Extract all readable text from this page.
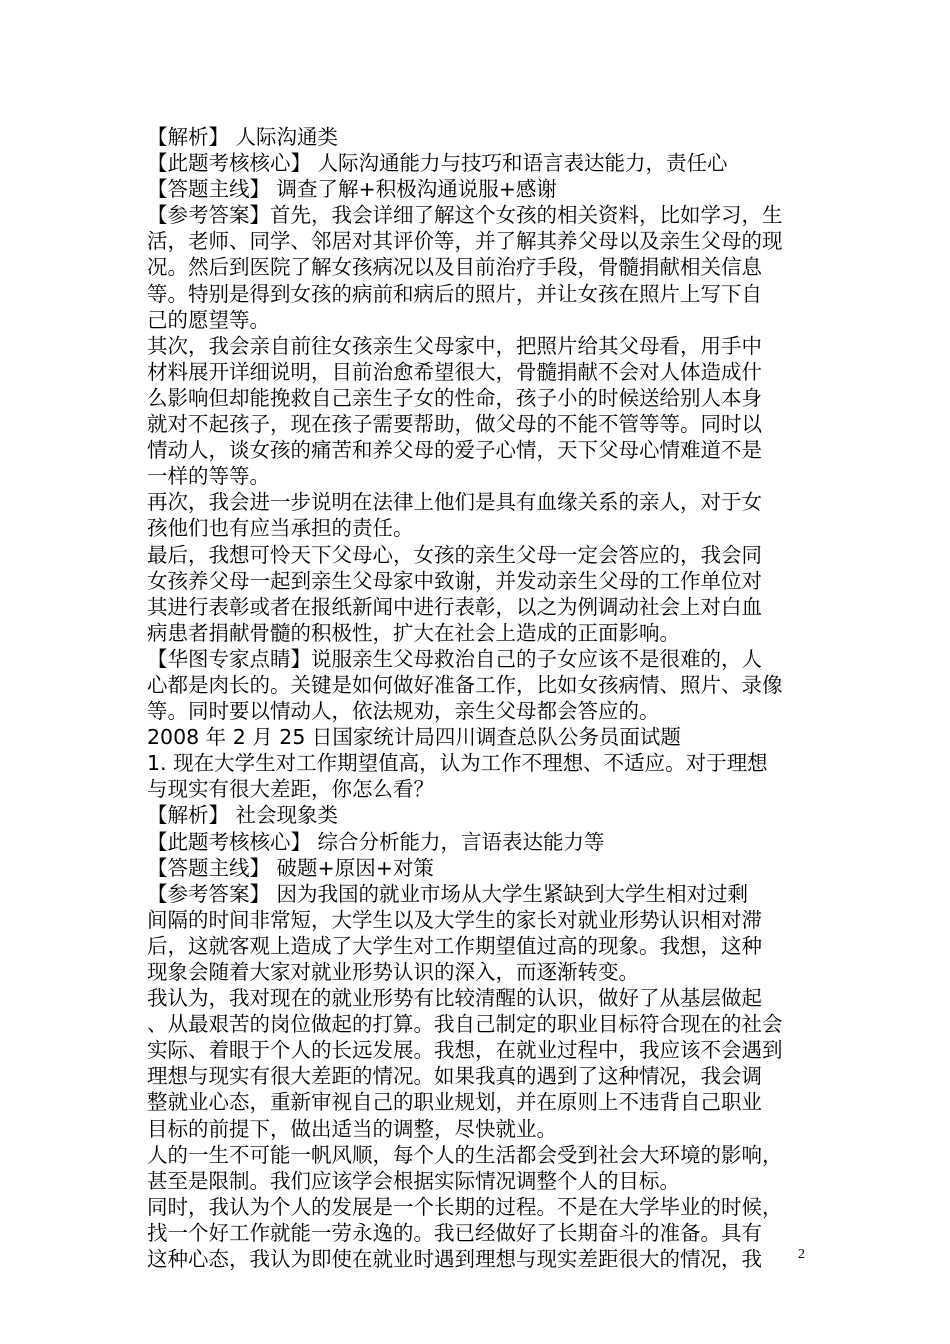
【解析】 人际沟通类
【此题考核核心】 人际沟通能力与技巧和语言表达能力，责任心
【答题主线】 调查了解+积极沟通说服+感谢
【参考答案】首先，我会详细了解这个女孩的相关资料，比如学习，生
活，老师、同学、邻居对其评价等，并了解其养父母以及亲生父母的现
况。然后到医院了解女孩病况以及目前治疗手段，骨髓捐献相关信息
等。特别是得到女孩的病前和病后的照片，并让女孩在照片上写下自
己的愿望等。
其次，我会亲自前往女孩亲生父母家中，把照片给其父母看，用手中
材料展开详细说明，目前治愈希望很大，骨髓捐献不会对人体造成什
么影响但却能挽救自己亲生子女的性命，孩子小的时候送给别人本身
就对不起孩子，现在孩子需要帮助，做父母的不能不管等等。同时以
情动人，谈女孩的痛苦和养父母的爱子心情，天下父母心情难道不是
一样的等等。
再次，我会进一步说明在法律上他们是具有血缘关系的亲人，对于女
孩他们也有应当承担的责任。
最后，我想可怜天下父母心，女孩的亲生父母一定会答应的，我会同
女孩养父母一起到亲生父母家中致谢，并发动亲生父母的工作单位对
其进行表彰或者在报纸新闻中进行表彰，以之为例调动社会上对白血
病患者捐献骨髓的积极性，扩大在社会上造成的正面影响。
【华图专家点睛】说服亲生父母救治自己的子女应该不是很难的，人
心都是肉长的。关键是如何做好准备工作，比如女孩病情、照片、录像
等。同时要以情动人，依法规劝，亲生父母都会答应的。
2008 年 2 月 25 日国家统计局四川调查总队公务员面试题
1. 现在大学生对工作期望值高，认为工作不理想、不适应。对于理想
与现实有很大差距，你怎么看？
【解析】 社会现象类
【此题考核核心】 综合分析能力，言语表达能力等
【答题主线】 破题+原因+对策
【参考答案】 因为我国的就业市场从大学生紧缺到大学生相对过剩
间隔的时间非常短，大学生以及大学生的家长对就业形势认识相对滞
后，这就客观上造成了大学生对工作期望值过高的现象。我想，这种
现象会随着大家对就业形势认识的深入，而逐渐转变。
我认为，我对现在的就业形势有比较清醒的认识，做好了从基层做起
、从最艰苦的岗位做起的打算。我自己制定的职业目标符合现在的社会
实际、着眼于个人的长远发展。我想，在就业过程中，我应该不会遇到
理想与现实有很大差距的情况。如果我真的遇到了这种情况，我会调
整就业心态，重新审视自己的职业规划，并在原则上不违背自己职业
目标的前提下，做出适当的调整，尽快就业。
人的一生不可能一帆风顺，每个人的生活都会受到社会大环境的影响，
甚至是限制。我们应该学会根据实际情况调整个人的目标。
同时，我认为个人的发展是一个长期的过程。不是在大学毕业的时候，
找一个好工作就能一劳永逸的。我已经做好了长期奋斗的准备。具有
这种心态，我认为即使在就业时遇到理想与现实差距很大的情况，我	2
